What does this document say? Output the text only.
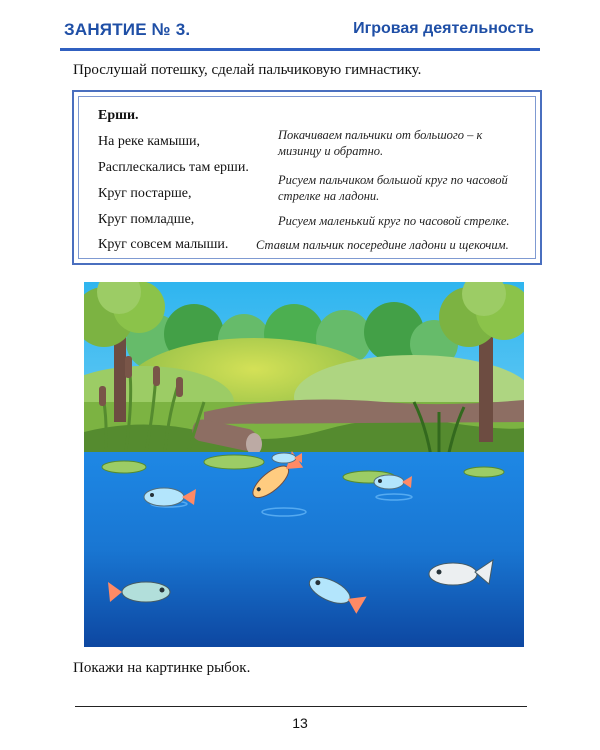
ЗАНЯТИЕ № 3.	Игровая деятельность
Прослушай потешку, сделай пальчиковую гимнастику.
Ерши.
На реке камыши,
Расплескались там ерши.
Круг постарше,
Круг помладше,
Круг совсем малыши.
Покачиваем пальчики от большого – к мизинцу и обратно.
Рисуем пальчиком большой круг по часовой стрелке на ладони.
Рисуем маленький круг по часовой стрелке.
Ставим пальчик посередине ладони и щекочим.
Покажи на картинке рыбок.
13
